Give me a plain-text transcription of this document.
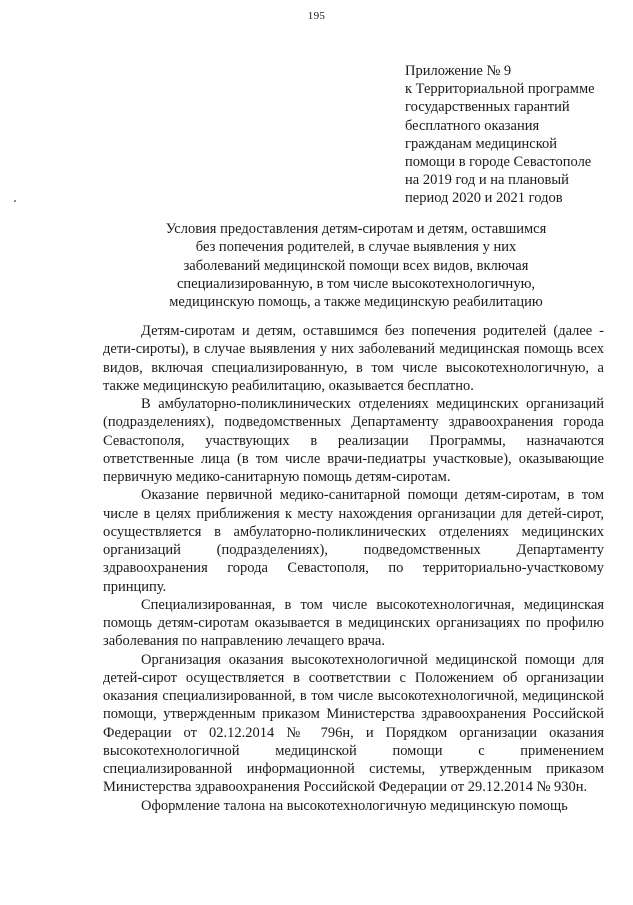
195
Приложение № 9
к Территориальной программе
государственных гарантий
бесплатного оказания
гражданам медицинской
помощи в городе Севастополе
на 2019 год и на плановый
период 2020 и 2021 годов
Условия предоставления детям-сиротам и детям, оставшимся
без попечения родителей, в случае выявления у них
заболеваний медицинской помощи всех видов, включая
специализированную, в том числе высокотехнологичную,
медицинскую помощь, а также медицинскую реабилитацию

Детям-сиротам и детям, оставшимся без попечения родителей (далее - дети-сироты), в случае выявления у них заболеваний медицинская помощь всех видов, включая специализированную, в том числе высокотехнологичную, а также медицинскую реабилитацию, оказывается бесплатно.

В амбулаторно-поликлинических отделениях медицинских организаций (подразделениях), подведомственных Департаменту здравоохранения города Севастополя, участвующих в реализации Программы, назначаются ответственные лица (в том числе врачи-педиатры участковые), оказывающие первичную медико-санитарную помощь детям-сиротам.

Оказание первичной медико-санитарной помощи детям-сиротам, в том числе в целях приближения к месту нахождения организации для детей-сирот, осуществляется в амбулаторно-поликлинических отделениях медицинских организаций (подразделениях), подведомственных Департаменту здравоохранения города Севастополя, по территориально-участковому принципу.

Специализированная, в том числе высокотехнологичная, медицинская помощь детям-сиротам оказывается в медицинских организациях по профилю заболевания по направлению лечащего врача.

Организация оказания высокотехнологичной медицинской помощи для детей-сирот осуществляется в соответствии с Положением об организации оказания специализированной, в том числе высокотехнологичной, медицинской помощи, утвержденным приказом Министерства здравоохранения Российской Федерации от 02.12.2014 № 796н, и Порядком организации оказания высокотехнологичной медицинской помощи с применением специализированной информационной системы, утвержденным приказом Министерства здравоохранения Российской Федерации от 29.12.2014 № 930н.

Оформление талона на высокотехнологичную медицинскую помощь
